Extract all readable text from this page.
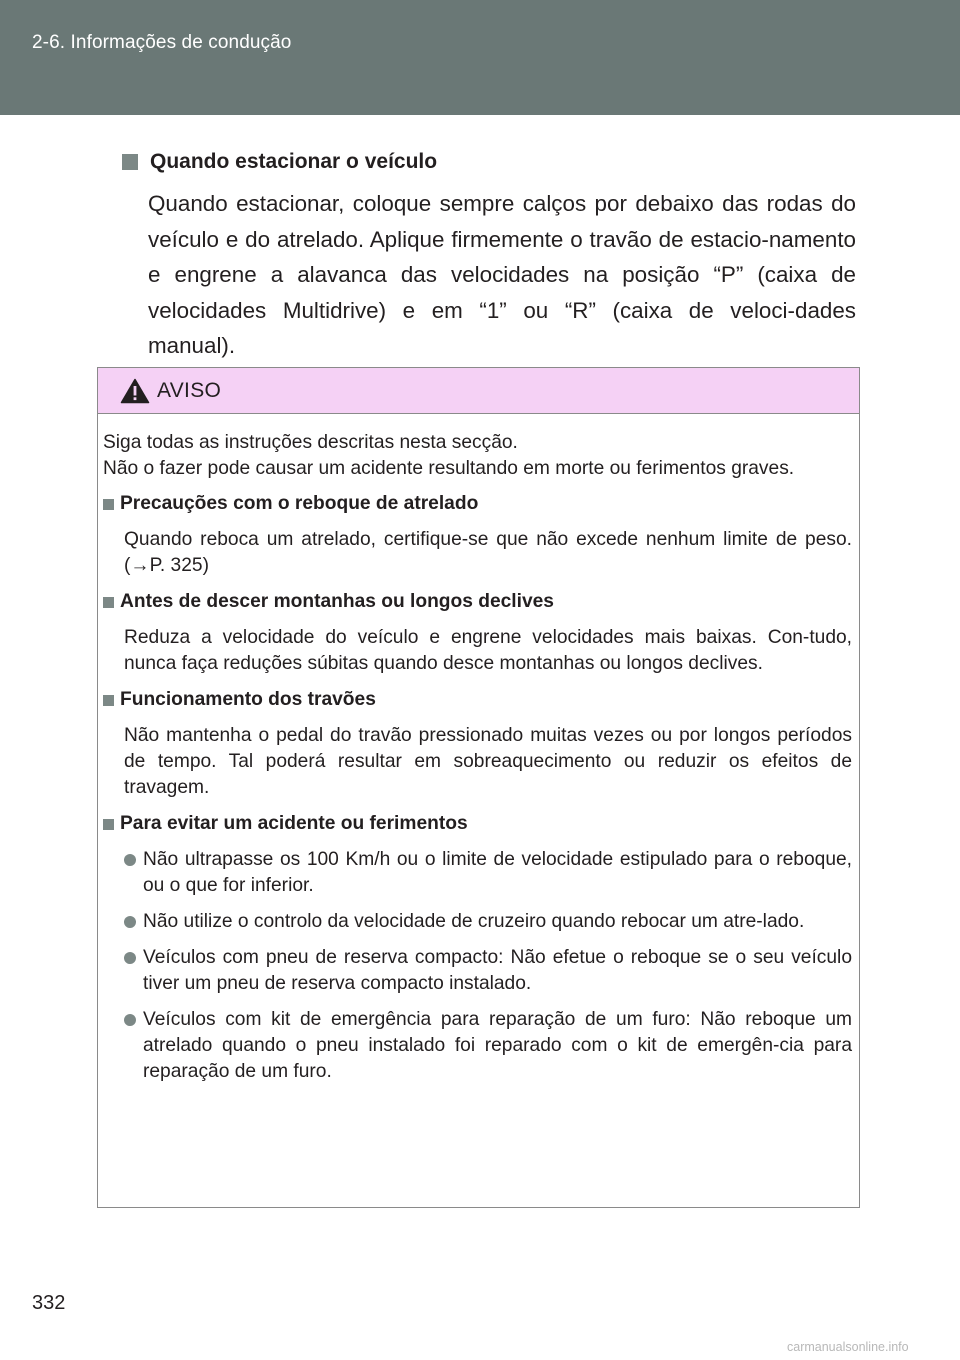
2-6. Informações de condução
Quando estacionar o veículo
Quando estacionar, coloque sempre calços por debaixo das rodas do veículo e do atrelado. Aplique firmemente o travão de estacio-namento e engrene a alavanca das velocidades na posição “P” (caixa de velocidades Multidrive) e em “1” ou “R” (caixa de veloci-dades manual).
AVISO

Siga todas as instruções descritas nesta secção.

Não o fazer pode causar um acidente resultando em morte ou ferimentos graves.

Precauções com o reboque de atrelado

Quando reboca um atrelado, certifique-se que não excede nenhum limite de peso. (→P. 325)

Antes de descer montanhas ou longos declives

Reduza a velocidade do veículo e engrene velocidades mais baixas. Con-tudo, nunca faça reduções súbitas quando desce montanhas ou longos declives.

Funcionamento dos travões

Não mantenha o pedal do travão pressionado muitas vezes ou por longos períodos de tempo. Tal poderá resultar em sobreaquecimento ou reduzir os efeitos de travagem.

Para evitar um acidente ou ferimentos
Não ultrapasse os 100 Km/h ou o limite de velocidade estipulado para o reboque, ou o que for inferior.
Não utilize o controlo da velocidade de cruzeiro quando rebocar um atre-lado.
Veículos com pneu de reserva compacto: Não efetue o reboque se o seu veículo tiver um pneu de reserva compacto instalado.
Veículos com kit de emergência para reparação de um furo: Não reboque um atrelado quando o pneu instalado foi reparado com o kit de emergên-cia para reparação de um furo.
332
carmanualsonline.info
